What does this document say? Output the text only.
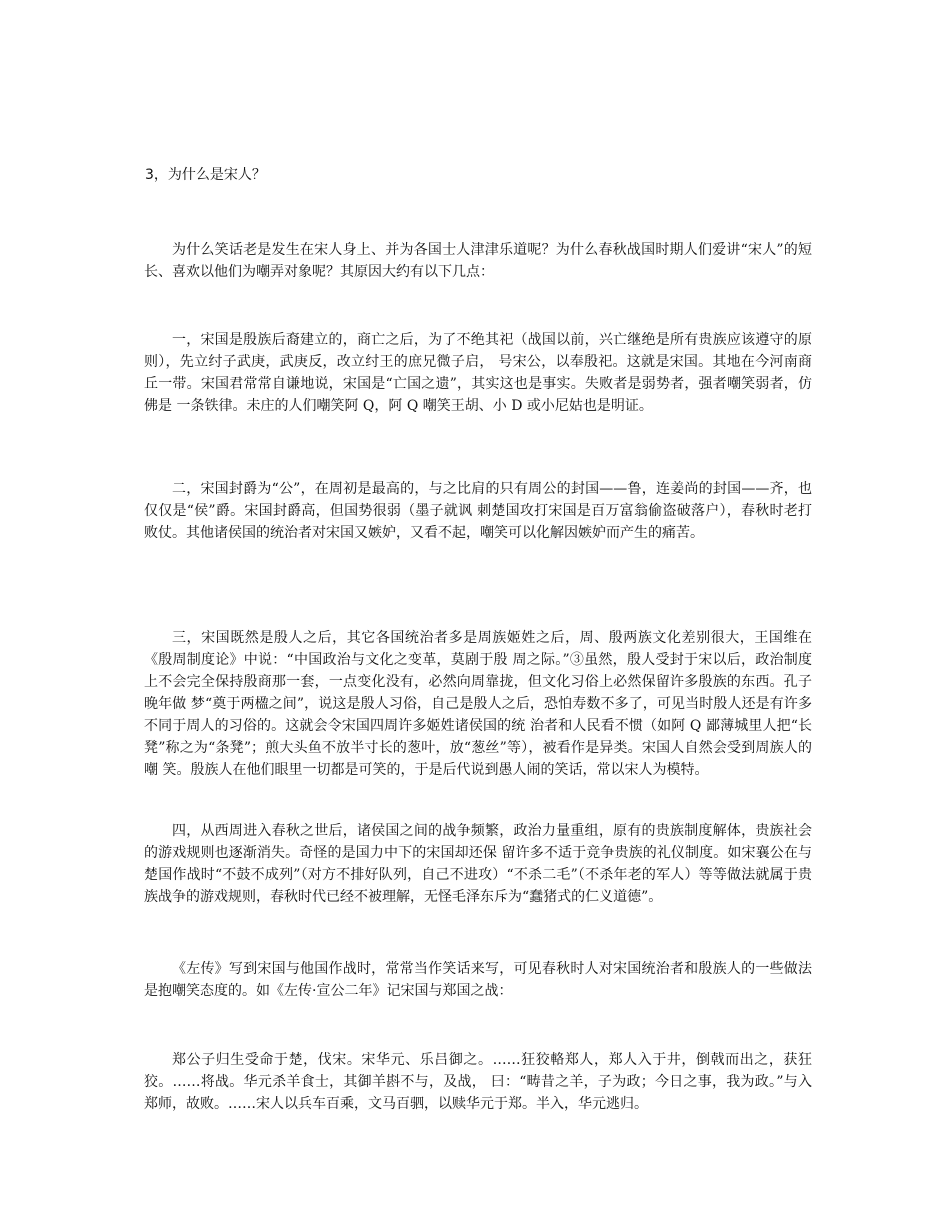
3，为什么是宋人？

为什么笑话老是发生在宋人身上、并为各国士人津津乐道呢？为什么春秋战国时期人们爱讲“宋人”的短长、喜欢以他们为嘲弄对象呢？其原因大约有以下几点：

一，宋国是殷族后裔建立的，商亡之后，为了不绝其祀（战国以前，兴亡继绝是所有贵族应该遵守的原则），先立纣子武庚，武庚反，改立纣王的庶兄微子启， 号宋公，以奉殷祀。这就是宋国。其地在今河南商丘一带。宋国君常常自谦地说，宋国是“亡国之遗”，其实这也是事实。失败者是弱势者，强者嘲笑弱者，仿佛是 一条铁律。未庄的人们嘲笑阿 Q，阿 Q 嘲笑王胡、小 D 或小尼姑也是明证。

二，宋国封爵为“公”，在周初是最高的，与之比肩的只有周公的封国——鲁，连姜尚的封国——齐，也仅仅是“侯”爵。宋国封爵高，但国势很弱（墨子就讽 刺楚国攻打宋国是百万富翁偷盗破落户），春秋时老打败仗。其他诸侯国的统治者对宋国又嫉妒，又看不起，嘲笑可以化解因嫉妒而产生的痛苦。

三，宋国既然是殷人之后，其它各国统治者多是周族姬姓之后，周、殷两族文化差别很大，王国维在《殷周制度论》中说：“中国政治与文化之变革，莫剧于殷 周之际。”③虽然，殷人受封于宋以后，政治制度上不会完全保持殷商那一套，一点变化没有，必然向周靠拢，但文化习俗上必然保留许多殷族的东西。孔子晚年做 梦“奠于两楹之间”，说这是殷人习俗，自己是殷人之后，恐怕寿数不多了，可见当时殷人还是有许多不同于周人的习俗的。这就会令宋国四周许多姬姓诸侯国的统 治者和人民看不惯（如阿 Q 鄙薄城里人把“长凳”称之为“条凳”；煎大头鱼不放半寸长的葱叶，放“葱丝”等），被看作是异类。宋国人自然会受到周族人的嘲 笑。殷族人在他们眼里一切都是可笑的，于是后代说到愚人闹的笑话，常以宋人为模特。

四，从西周进入春秋之世后，诸侯国之间的战争频繁，政治力量重组，原有的贵族制度解体，贵族社会的游戏规则也逐渐消失。奇怪的是国力中下的宋国却还保 留许多不适于竞争贵族的礼仪制度。如宋襄公在与楚国作战时“不鼓不成列”（对方不排好队列，自己不进攻）“不杀二毛”（不杀年老的军人）等等做法就属于贵 族战争的游戏规则，春秋时代已经不被理解，无怪毛泽东斥为“蠢猪式的仁义道德”。

《左传》写到宋国与他国作战时，常常当作笑话来写，可见春秋时人对宋国统治者和殷族人的一些做法是抱嘲笑态度的。如《左传·宣公二年》记宋国与郑国之战：

郑公子归生受命于楚，伐宋。宋华元、乐吕御之。……狂狡輅郑人，郑人入于井，倒戟而出之，获狂狡。……将战。华元杀羊食士，其御羊斟不与，及战， 曰：“畴昔之羊，子为政；今日之事，我为政。”与入郑师，故败。……宋人以兵车百乘，文马百驷，以赎华元于郑。半入，华元逃归。
